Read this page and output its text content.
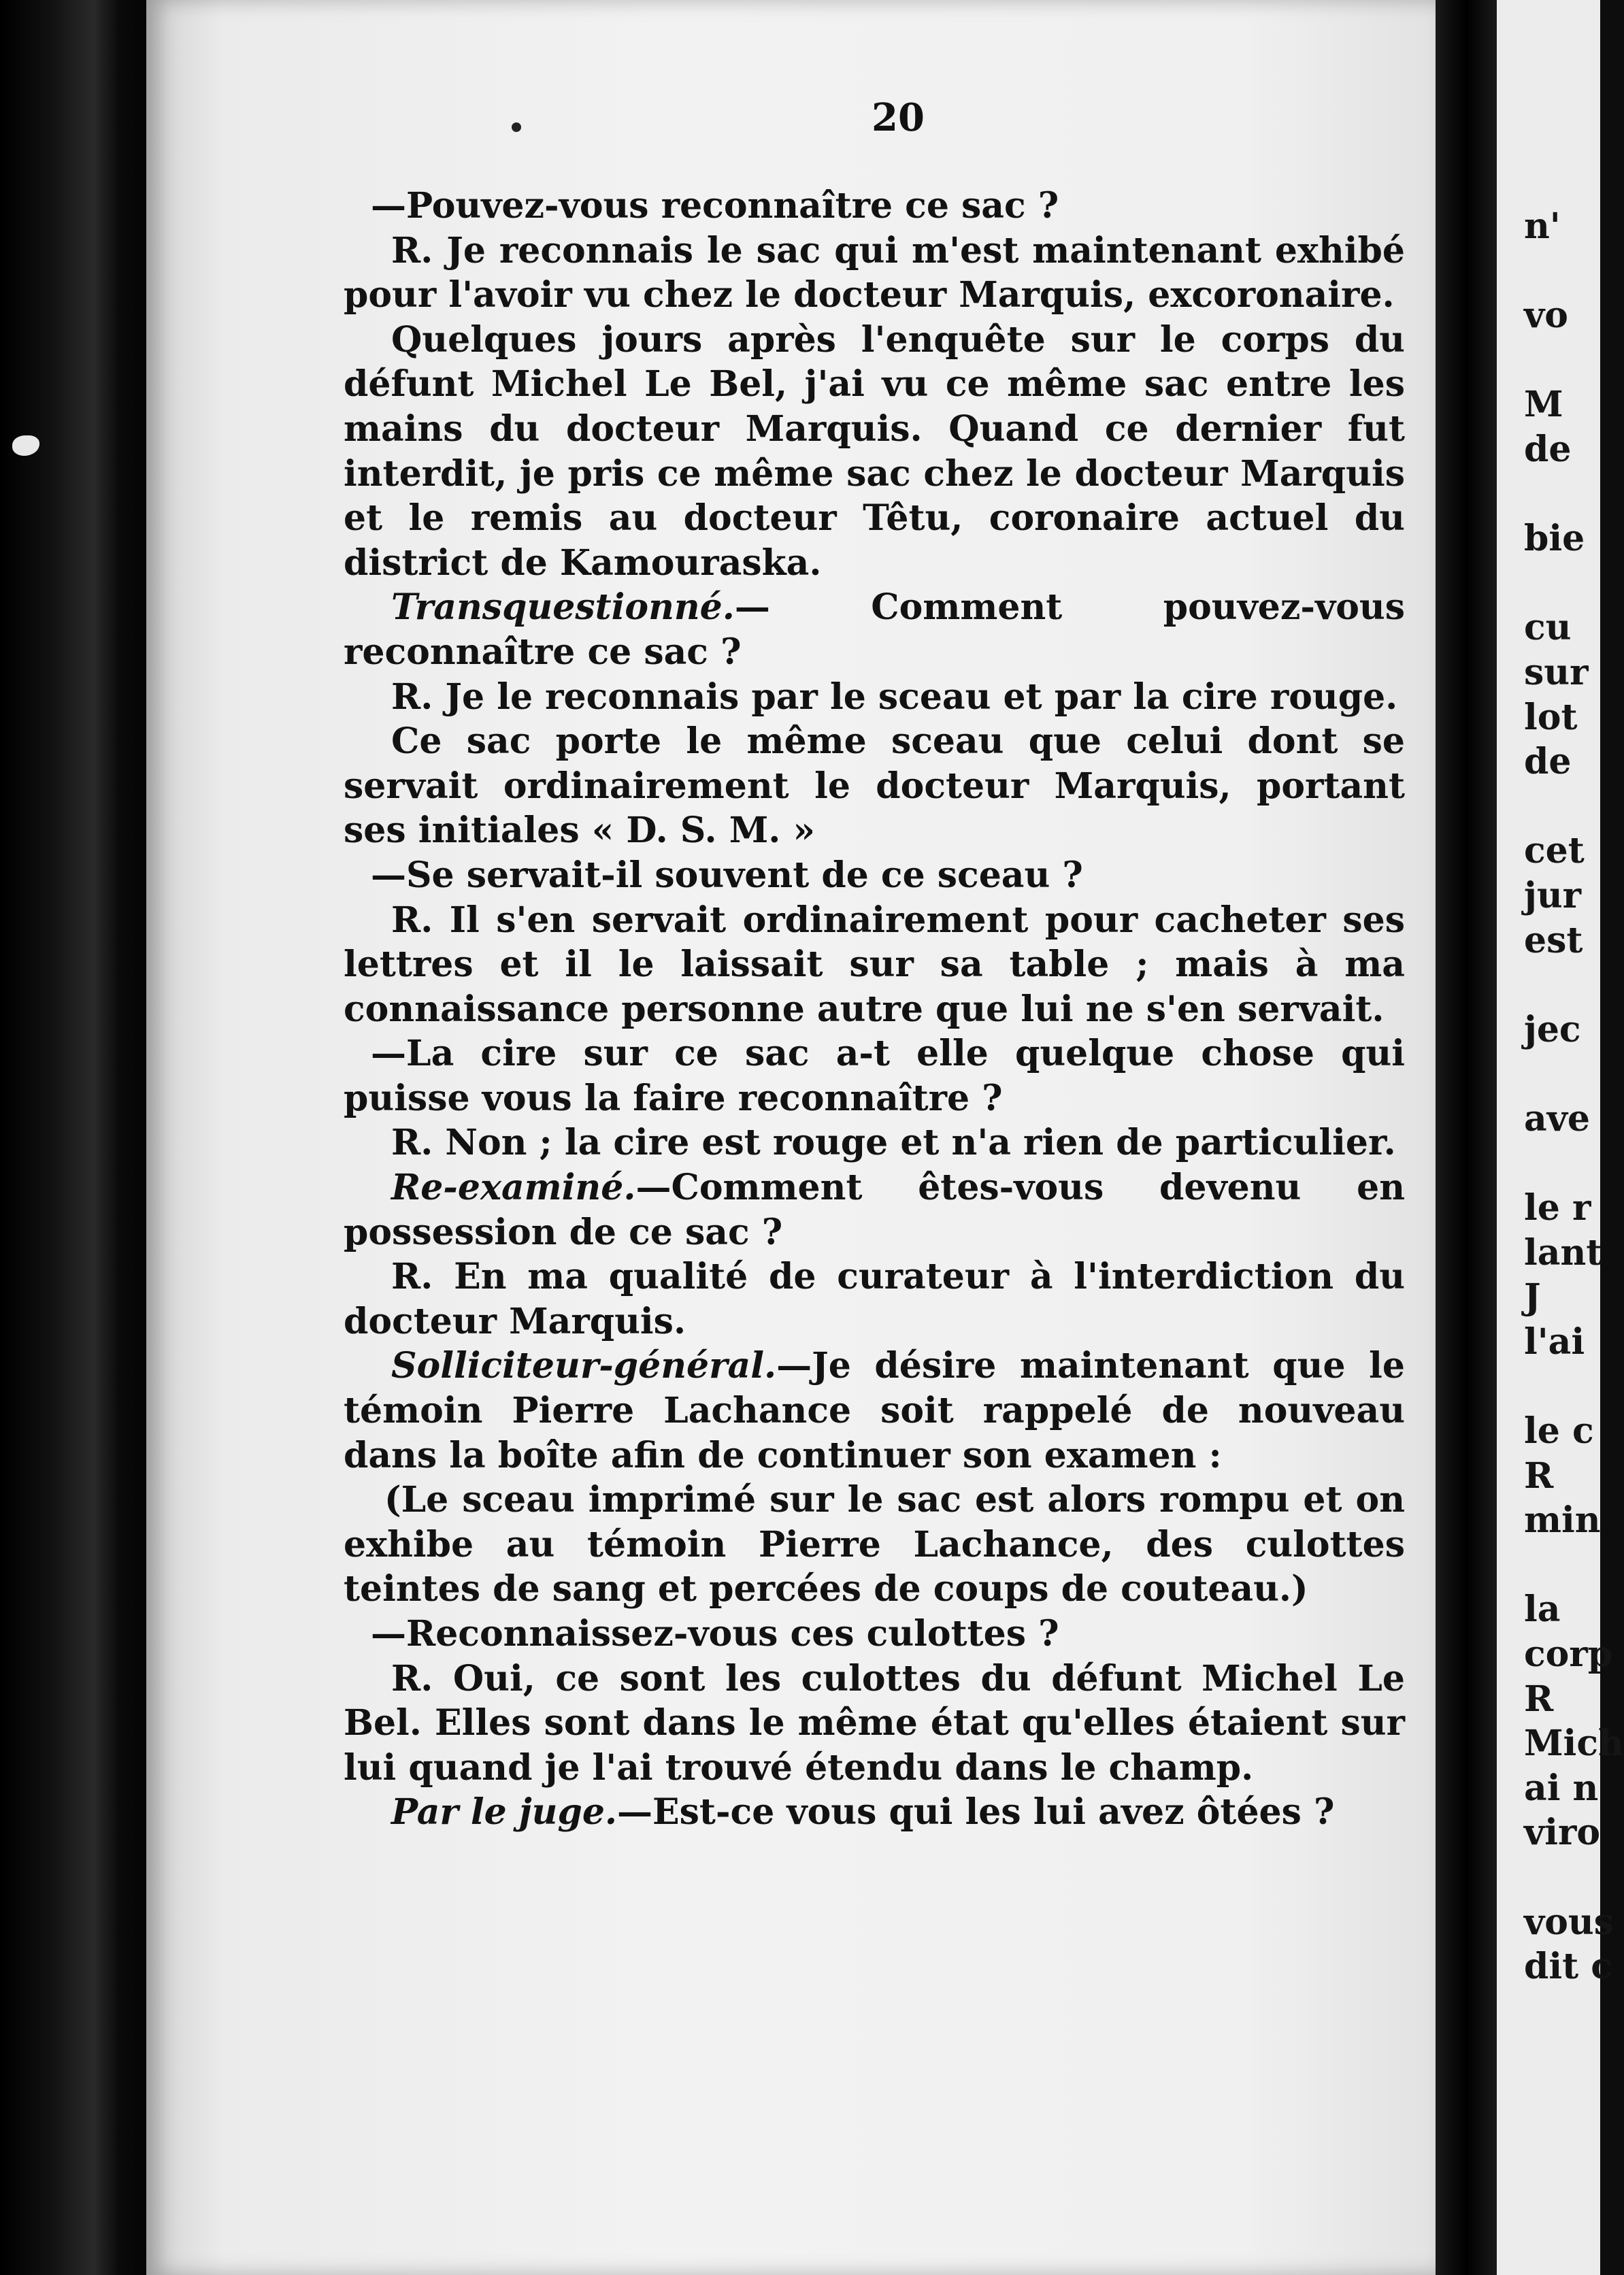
20

—Pouvez-vous reconnaître ce sac ?

R. Je reconnais le sac qui m'est maintenant exhibé pour l'avoir vu chez le docteur Marquis, excoronaire.

Quelques jours après l'enquête sur le corps du défunt Michel Le Bel, j'ai vu ce même sac entre les mains du docteur Marquis. Quand ce dernier fut interdit, je pris ce même sac chez le docteur Marquis et le remis au docteur Têtu, coronaire actuel du district de Kamouraska.

Transquestionné.— Comment pouvez-vous reconnaître ce sac ?

R. Je le reconnais par le sceau et par la cire rouge.

Ce sac porte le même sceau que celui dont se servait ordinairement le docteur Marquis, portant ses initiales « D. S. M. »

—Se servait-il souvent de ce sceau ?

R. Il s'en servait ordinairement pour cacheter ses lettres et il le laissait sur sa table ; mais à ma connaissance personne autre que lui ne s'en servait.

—La cire sur ce sac a-t elle quelque chose qui puisse vous la faire reconnaître ?

R. Non ; la cire est rouge et n'a rien de particulier.

Re-examiné.—Comment êtes-vous devenu en possession de ce sac ?

R. En ma qualité de curateur à l'interdiction du docteur Marquis.

Solliciteur-général.—Je désire maintenant que le témoin Pierre Lachance soit rappelé de nouveau dans la boîte afin de continuer son examen :

(Le sceau imprimé sur le sac est alors rompu et on exhibe au témoin Pierre Lachance, des culottes teintes de sang et percées de coups de couteau.)

—Reconnaissez-vous ces culottes ?

R. Oui, ce sont les culottes du défunt Michel Le Bel. Elles sont dans le même état qu'elles étaient sur lui quand je l'ai trouvé étendu dans le champ.

Par le juge.—Est-ce vous qui les lui avez ôtées ?

n'
vo
M
de
bie
cu
sur
lot
de
cet
jur
est
jec
ave
le r
lant
J
l'ai
le c
R
min
la
corp
R
Mich
ai n
viro
vous
dit c
